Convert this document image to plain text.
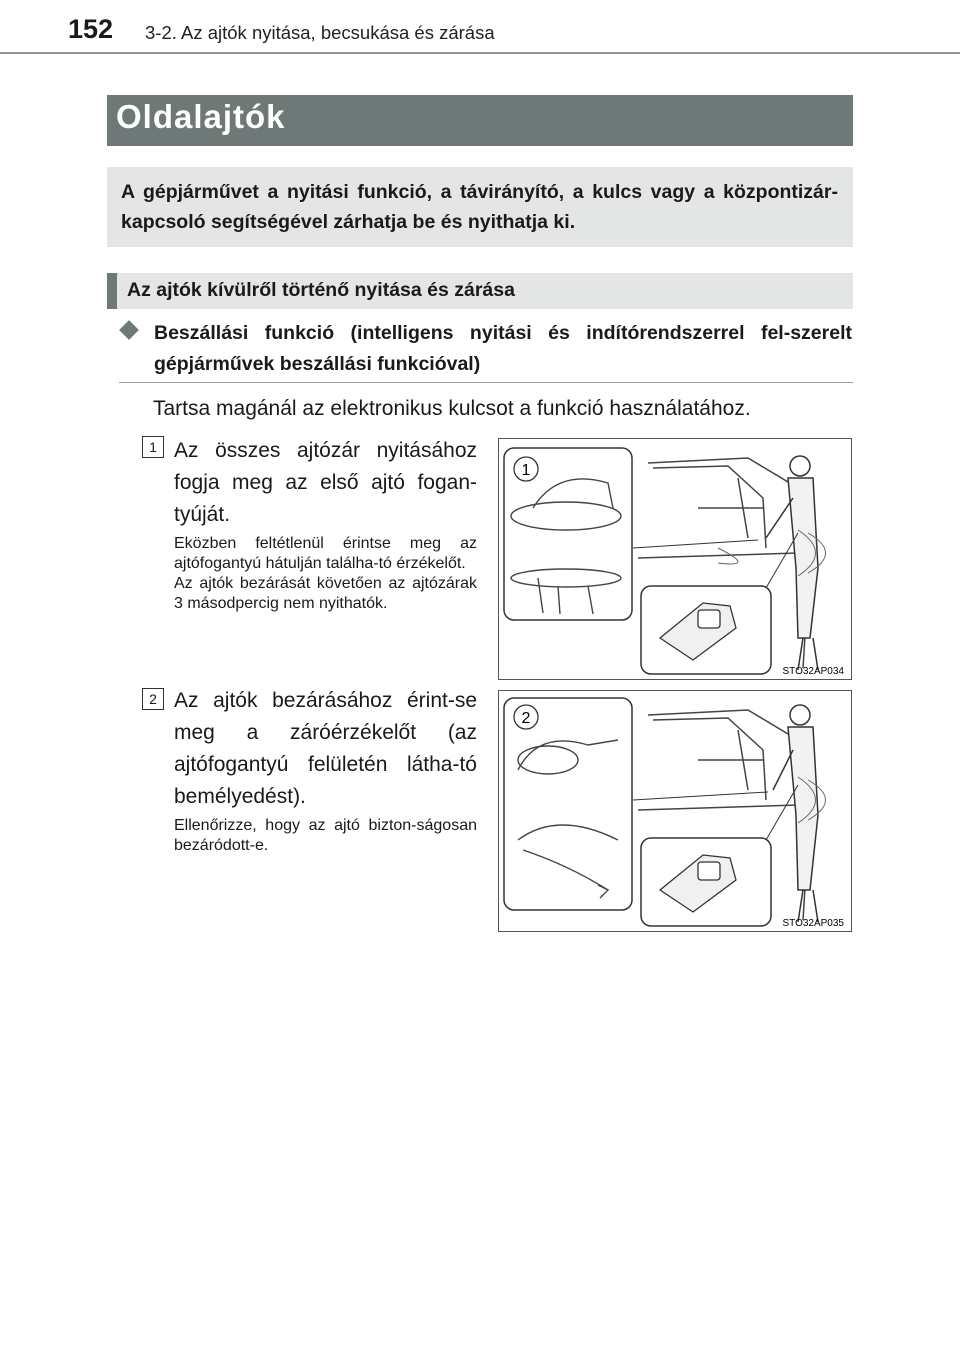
152 3-2. Az ajtók nyitása, becsukása és zárása
Oldalajtók
A gépjárművet a nyitási funkció, a távirányító, a kulcs vagy a központizár-kapcsoló segítségével zárhatja be és nyithatja ki.
Az ajtók kívülről történő nyitása és zárása
Beszállási funkció (intelligens nyitási és indítórendszerrel fel-szerelt gépjárművek beszállási funkcióval)
Tartsa magánál az elektronikus kulcsot a funkció használatához.
1 Az összes ajtózár nyitásához fogja meg az első ajtó fogan-tyúját.
Eközben feltétlenül érintse meg az ajtófogantyú hátulján találha-tó érzékelőt.
Az ajtók bezárását követően az ajtózárak 3 másodpercig nem nyithatók.
1
STO32AP034
2 Az ajtók bezárásához érint-se meg a záróérzékelőt (az ajtófogantyú felületén látha-tó bemélyedést).
Ellenőrizze, hogy az ajtó bizton-ságosan bezáródott-e.
2
STO32AP035
